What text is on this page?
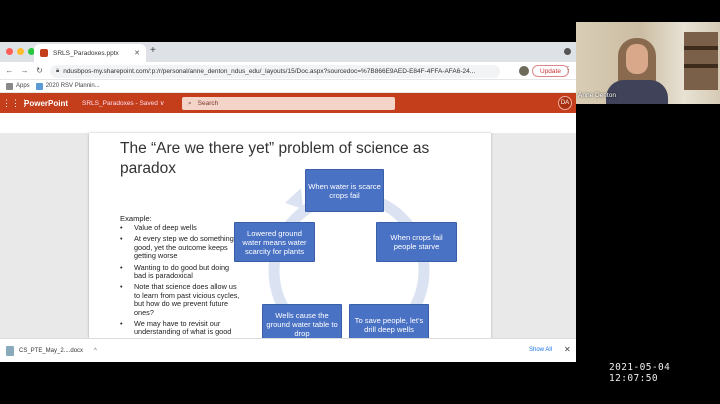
SRLS_Paradoxes.pptx	✕ +
← → ↻	🔒︎ ndusbpos-my.sharepoint.com/:p:/r/personal/anne_denton_ndus_edu/_layouts/15/Doc.aspx?sourcedoc=%7B866E9AED-E84F-4FFA-AFA6-24...	Update ⋮
Apps	2020 RSV Plannin...
⋮⋮⋮
PowerPoint SRLS_Paradoxes - Saved ∨	⌕ Search	DA
The “Are we there yet” problem of science as paradox
Example:
• Value of deep wells
• At every step we do something good, yet the outcome keeps getting worse
• Wanting to do good but doing bad is paradoxical
• Note that science does allow us to learn from past vicious cycles, but how do we prevent future ones?
• We may have to revisit our understanding of what is good
When water is scarce crops fail
When crops fail people starve
To save people, let’s drill deep wells
Wells cause the ground water table to drop
Lowered ground water means water scarcity for plants
CS_PTE_May_2....docx ^	Show All ✕
Anne Denton
2021-05-04 12:07:50
